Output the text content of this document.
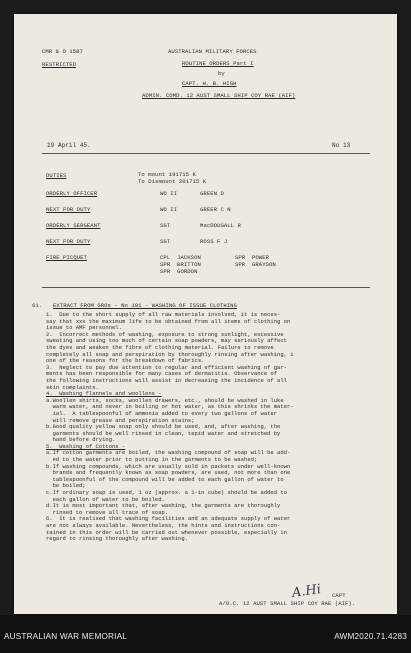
CMR & O 1587
RESTRICTED
AUSTRALIAN MILITARY FORCES
ROUTINE ORDERS Part I
by
CAPT. H. B. HIGH
ADMIN. COMD. 12 AUST SMALL SHIP COY RAE (AIF)
19 April 45.	No 13
DUTIES	To mount 191715 K
To Dismount 201715 K
ORDERLY OFFICER	WO II	GREEN D
NEXT FOR DUTY	WO II	GREER C N
ORDERLY SERGEANT	SGT	MacDOUGALL R
NEXT FOR DUTY	SGT	ROSS F J
FIRE PICQUET	CPL  JACKSON          SPR  POWER
SPR  BRITTON          SPR  GRAYSON
SPR  GORDON
61. EXTRACT FROM GROs - No 101 - WASHING OF ISSUE CLOTHING
1.  Due to the short supply of all raw materials involved, it is neces-
say that xxx the maximum life to be obtained from all items of clothing on
issue to AMF personnel.
2.  Incorrect methods of washing, exposure to strong sunlight, excessive
sweating and using too much of certain soap powders, may seriously affect
the dyes and weaken the fibre of clothing material. Failure to remove
completely all soap and perspiration by thoroughly rinsing after washing, i
one of the reasons for the breakdown of fabrics.
3.  Neglect to pay due attention to regular and efficient washing of gar-
ments has been responsible for many cases of dermatitis. Observance of
the following instructions will assist in decreasing the incidence of all
skin complaints.
4.  Washing flannels and woollens -
a.Woollen shirts, socks, woollen drawers, etc., should be washed in luke
warm water, and never in boiling or hot water, as this shrinks the mater-
ial.  A tablespoonful of ammonia added to every two gallons of water
will remove grease and perspiration stains;
b.Good quality yellow soap only should be used, and, after washing, the
garments should be well rinsed in clean, tepid water and stretched by
hand before drying.
5.  Washing of Cottons -
a.If cotton garments are boiled, the washing compound of soap will be add-
ed to the water prior to putting in the garments to be washed;
b.If washing compounds, which are usually sold in packets under well-known
brands and frequently known as soap powders, are used, not more than one
tablespoonful of the compound will be added to each gallon of water to
be boiled;
c.If ordinary soap is used, 1 oz (approx. a 1-in cube) should be added to
each gallon of water to be boiled.
d.It is most important that, after washing, the garments are thoroughly
rinsed to remove all trace of soap.
6.  It is realised that washing facilities and an adequate supply of water
are not always available. Nevertheless, the hints and instructions con-
tained in this order will be carried out whenever possible, especially in
regard to rinsing thoroughly after washing.
A.Hi CAPT
A/O.C. 12 AUST SMALL SHIP COY RAE (AIF).
AUSTRALIAN WAR MEMORIAL	AWM2020.71.4283
